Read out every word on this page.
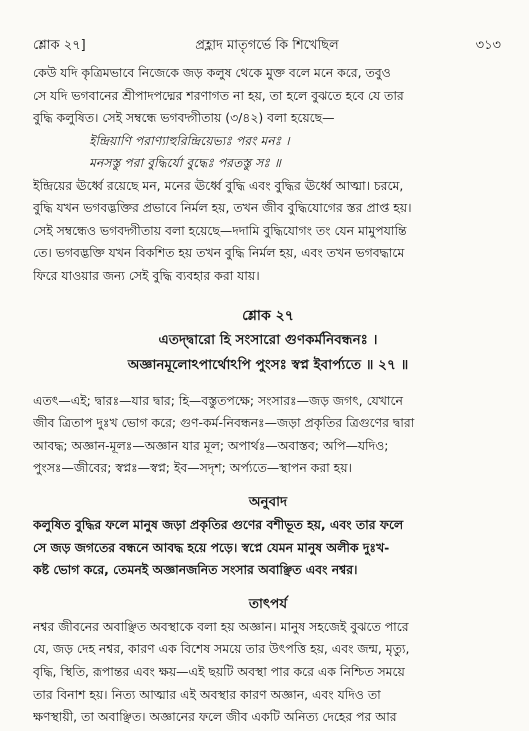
শ্লোক ২৭]	প্রহ্লাদ মাতৃগর্ভে কি শিখেছিল	৩১৩
কেউ যদি কৃত্রিমভাবে নিজেকে জড় কলুষ থেকে মুক্ত বলে মনে করে, তবুও
সে যদি ভগবানের শ্রীপাদপদ্মের শরণাগত না হয়, তা হলে বুঝতে হবে যে তার
বুদ্ধি কলুষিত। সেই সম্বন্ধে ভগবদ্গীতায় (৩/৪২) বলা হয়েছে—
ইন্দ্রিয়াণি পরাণ্যাহুরিন্দ্রিয়েভ্যঃ পরং মনঃ ।
মনসস্তু পরা বুদ্ধির্যো বুদ্ধেঃ পরতস্তু সঃ ॥
ইন্দ্রিয়ের ঊর্ধ্বে রয়েছে মন, মনের ঊর্ধ্বে বুদ্ধি এবং বুদ্ধির ঊর্ধ্বে আত্মা। চরমে,
বুদ্ধি যখন ভগবদ্ভক্তির প্রভাবে নির্মল হয়, তখন জীব বুদ্ধিযোগের স্তর প্রাপ্ত হয়।
সেই সম্বন্ধেও ভগবদ্গীতায় বলা হয়েছে—দদামি বুদ্ধিযোগং তং যেন মামুপযান্তি
তে। ভগবদ্ভক্তি যখন বিকশিত হয় তখন বুদ্ধি নির্মল হয়, এবং তখন ভগবদ্ধামে
ফিরে যাওয়ার জন্য সেই বুদ্ধি ব্যবহার করা যায়।
শ্লোক ২৭
এতদ্দ্বারো হি সংসারো গুণকর্মনিবন্ধনঃ ।
অজ্ঞানমূলোঽপার্থোঽপি পুংসঃ স্বপ্ন ইবার্প্যতে ॥ ২৭ ॥
এতৎ—এই; দ্বারঃ—যার দ্বার; হি—বস্তুতপক্ষে; সংসারঃ—জড় জগৎ, যেখানে
জীব ত্রিতাপ দুঃখ ভোগ করে; গুণ-কর্ম-নিবন্ধনঃ—জড়া প্রকৃতির ত্রিগুণের দ্বারা
আবদ্ধ; অজ্ঞান-মূলঃ—অজ্ঞান যার মূল; অপার্থঃ—অবাস্তব; অপি—যদিও;
পুংসঃ—জীবের; স্বপ্নঃ—স্বপ্ন; ইব—সদৃশ; অর্প্যতে—স্থাপন করা হয়।
অনুবাদ
কলুষিত বুদ্ধির ফলে মানুষ জড়া প্রকৃতির গুণের বশীভূত হয়, এবং তার ফলে
সে জড় জগতের বন্ধনে আবদ্ধ হয়ে পড়ে। স্বপ্নে যেমন মানুষ অলীক দুঃখ-
কষ্ট ভোগ করে, তেমনই অজ্ঞানজনিত সংসার অবাঞ্ছিত এবং নশ্বর।
তাৎপর্য
নশ্বর জীবনের অবাঞ্ছিত অবস্থাকে বলা হয় অজ্ঞান। মানুষ সহজেই বুঝতে পারে
যে, জড় দেহ নশ্বর, কারণ এক বিশেষ সময়ে তার উৎপত্তি হয়, এবং জন্ম, মৃত্যু,
বৃদ্ধি, স্থিতি, রূপান্তর এবং ক্ষয়—এই ছয়টি অবস্থা পার করে এক নিশ্চিত সময়ে
তার বিনাশ হয়। নিত্য আত্মার এই অবস্থার কারণ অজ্ঞান, এবং যদিও তা
ক্ষণস্থায়ী, তা অবাঞ্ছিত। অজ্ঞানের ফলে জীব একটি অনিত্য দেহের পর আর
